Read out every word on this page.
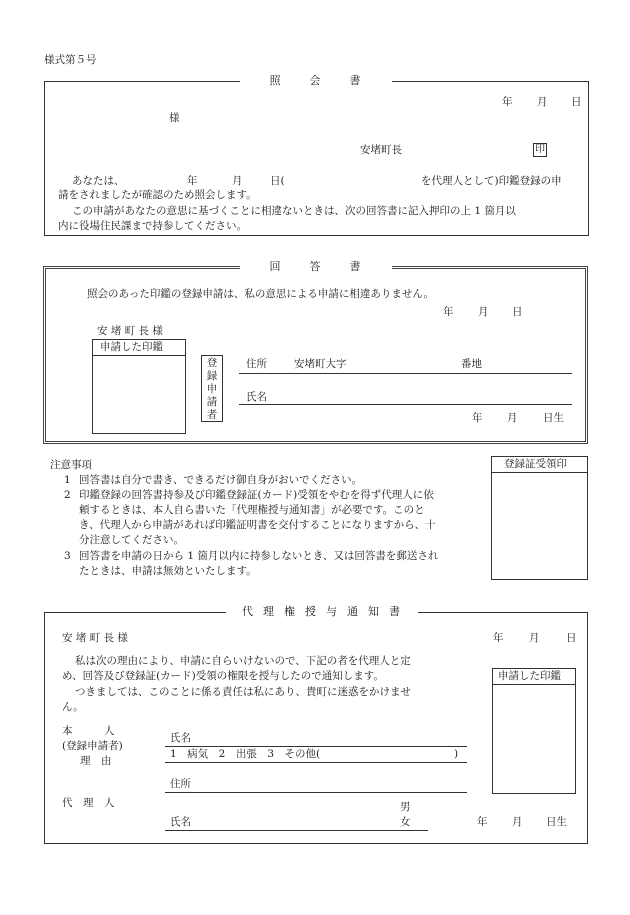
様式第５号
照 会 書
年 月 日
様
安堵町長	印
あなたは、	年	月	日(	を代理人として)印鑑登録の申
請をされましたが確認のため照会します。
この申請があなたの意思に基づくことに相違ないときは、次の回答書に記入押印の上 1 箇月以
内に役場住民課まで持参してください。
回 答 書
照会のあった印鑑の登録申請は、私の意思による申請に相違ありません。
年 月 日
安 堵 町 長 様
申請した印鑑
登録申請者
住所	安堵町大字	番地
氏名
年 月 日生
注意事項
1 回答書は自分で書き、できるだけ御自身がおいでください。
2 印鑑登録の回答書持参及び印鑑登録証(カード)受領をやむを得ず代理人に依
頼するときは、本人自ら書いた「代理権授与通知書」が必要です。このと
き、代理人から申請があれば印鑑証明書を交付することになりますから、十
分注意してください。
3 回答書を申請の日から 1 箇月以内に持参しないとき、又は回答書を郵送され
たときは、申請は無効といたします。
登録証受領印
代 理 権 授 与 通 知 書
安 堵 町 長 様	年 月	日
私は次の理由により、申請に自らいけないので、下記の者を代理人と定
め、回答及び登録証(カード)受領の権限を授与したので通知します。
つきましては、このことに係る責任は私にあり、貴町に迷惑をかけませ
ん。
申請した印鑑
本　　　人
(登録申請者)
理　由
氏名
1　病気　2　出張　3　その他(	)
住所
代　理　人	男
氏名	女	年 月 日生
